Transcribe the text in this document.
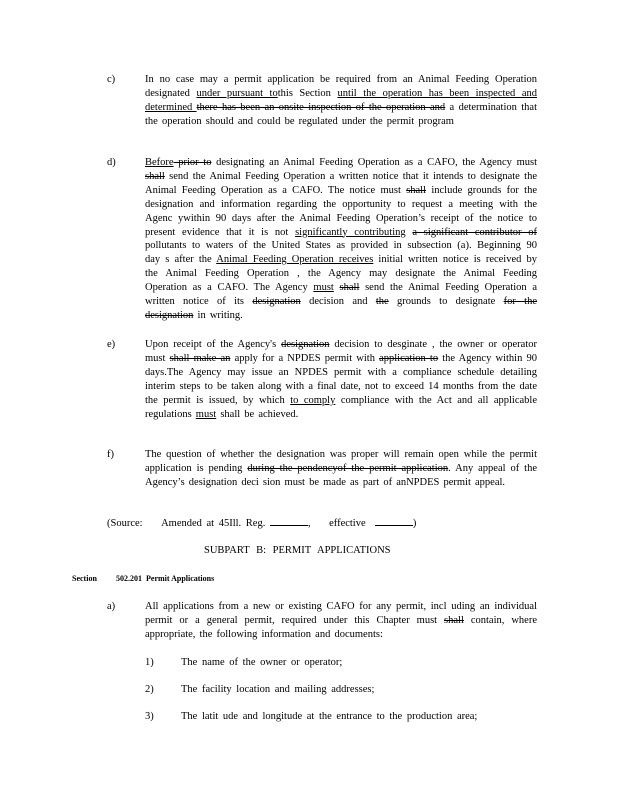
c)	In no case may a permit application be required from an Animal Feeding Operation designated under pursuant tothis Section until the operation has been inspected and determined there has been an onsite inspection of the operation and a determination that the operation should and could be regulated under the permit program
d)	Before prior to designating an Animal Feeding Operation as a CAFO, the Agency must shall send the Animal Feeding Operation a written notice that it intends to designate the Animal Feeding Operation as a CAFO. The notice must shall include grounds for the designation and information regarding the opportunity to request a meeting with the Agenc ywithin 90 days after the Animal Feeding Operation’s receipt of the notice to present evidence that it is not significantly contributing a significant contributor of pollutants to waters of the United States as provided in subsection (a). Beginning 90 day s after the Animal Feeding Operation receives initial written notice is received by the Animal Feeding Operation , the Agency may designate the Animal Feeding Operation as a CAFO. The Agency must shall send the Animal Feeding Operation a written notice of its designation decision and the grounds to designate for the designation in writing.
e)	Upon receipt of the Agency's designation decision to desginate , the owner or operator must shall make an apply for a NPDES permit with application to the Agency within 90 days.The Agency may issue an NPDES permit with a compliance schedule detailing interim steps to be taken along with a final date, not to exceed 14 months from the date the permit is issued, by which to comply compliance with the Act and all applicable regulations must shall be achieved.
f)	The question of whether the designation was proper will remain open while the permit application is pending during the pendencyof the permit application. Any appeal of the Agency’s designation deci sion must be made as part of anNPDES permit appeal.
(Source: Amended at 45Ill. Reg.	, effective	)
SUBPART B: PERMIT APPLICATIONS
Section 502.201 Permit Applications
a)	All applications from a new or existing CAFO for any permit, incl uding an individual permit or a general permit, required under this Chapter must shall contain, where appropriate, the following information and documents:
1)	The name of the owner or operator;
2)	The facility location and mailing addresses;
3)	The latit ude and longitude at the entrance to the production area;
